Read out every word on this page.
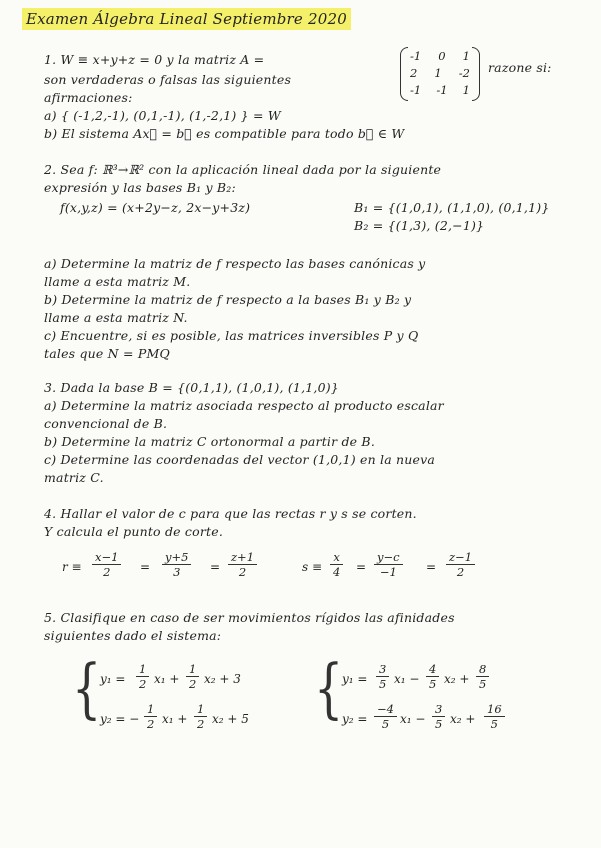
Examen Álgebra Lineal Septiembre 2020
1. W ≡ x+y+z = 0 y la matriz A =	-1 0 1
2 1 -2
-1 -1 1
razone si:
son verdaderas o falsas las siguientes
afirmaciones:
a) { (-1,2,-1), (0,1,-1), (1,-2,1) } = W
b) El sistema Ax⃗ = b⃗ es compatible para todo b⃗ ∈ W
2. Sea f: ℝ³→ℝ² con la aplicación lineal dada por la siguiente
expresión y las bases B₁ y B₂:
f(x,y,z) = (x+2y−z, 2x−y+3z)	B₁ = {(1,0,1), (1,1,0), (0,1,1)}
B₂ = {(1,3), (2,−1)}
a) Determine la matriz de f respecto las bases canónicas y
llame a esta matriz M.
b) Determine la matriz de f respecto a la bases B₁ y B₂ y
llame a esta matriz N.
c) Encuentre, si es posible, las matrices inversibles P y Q
tales que N = PMQ
3. Dada la base B = {(0,1,1), (1,0,1), (1,1,0)}
a) Determine la matriz asociada respecto al producto escalar
convencional de B.
b) Determine la matriz C ortonormal a partir de B.
c) Determine las coordenadas del vector (1,0,1) en la nueva
matriz C.
4. Hallar el valor de c para que las rectas r y s se corten.
Y calcula el punto de corte.
$r \equiv \frac{x-1}{2} = \frac{y+5}{3} = \frac{z+1}{2}$	$s \equiv \frac{x}{4} = \frac{y-c}{-1} = \frac{z-1}{2}$
5. Clasifique en caso de ser movimientos rígidos las afinidades
siguientes dado el sistema:
{
$y_1 = \frac{1}{2} x_1 + \frac{1}{2} x_2 + 3$
y₂ = − $\frac{1}{2} x_1 + \frac{1}{2} x_2 + 5$ {
$y_1 = \frac{3}{5} x_1 - \frac{4}{5} x_2 + \frac{8}{5}$
$y_2 = \frac{-4}{5} x_1 - \frac{3}{5} x_2 + \frac{16}{5}$
